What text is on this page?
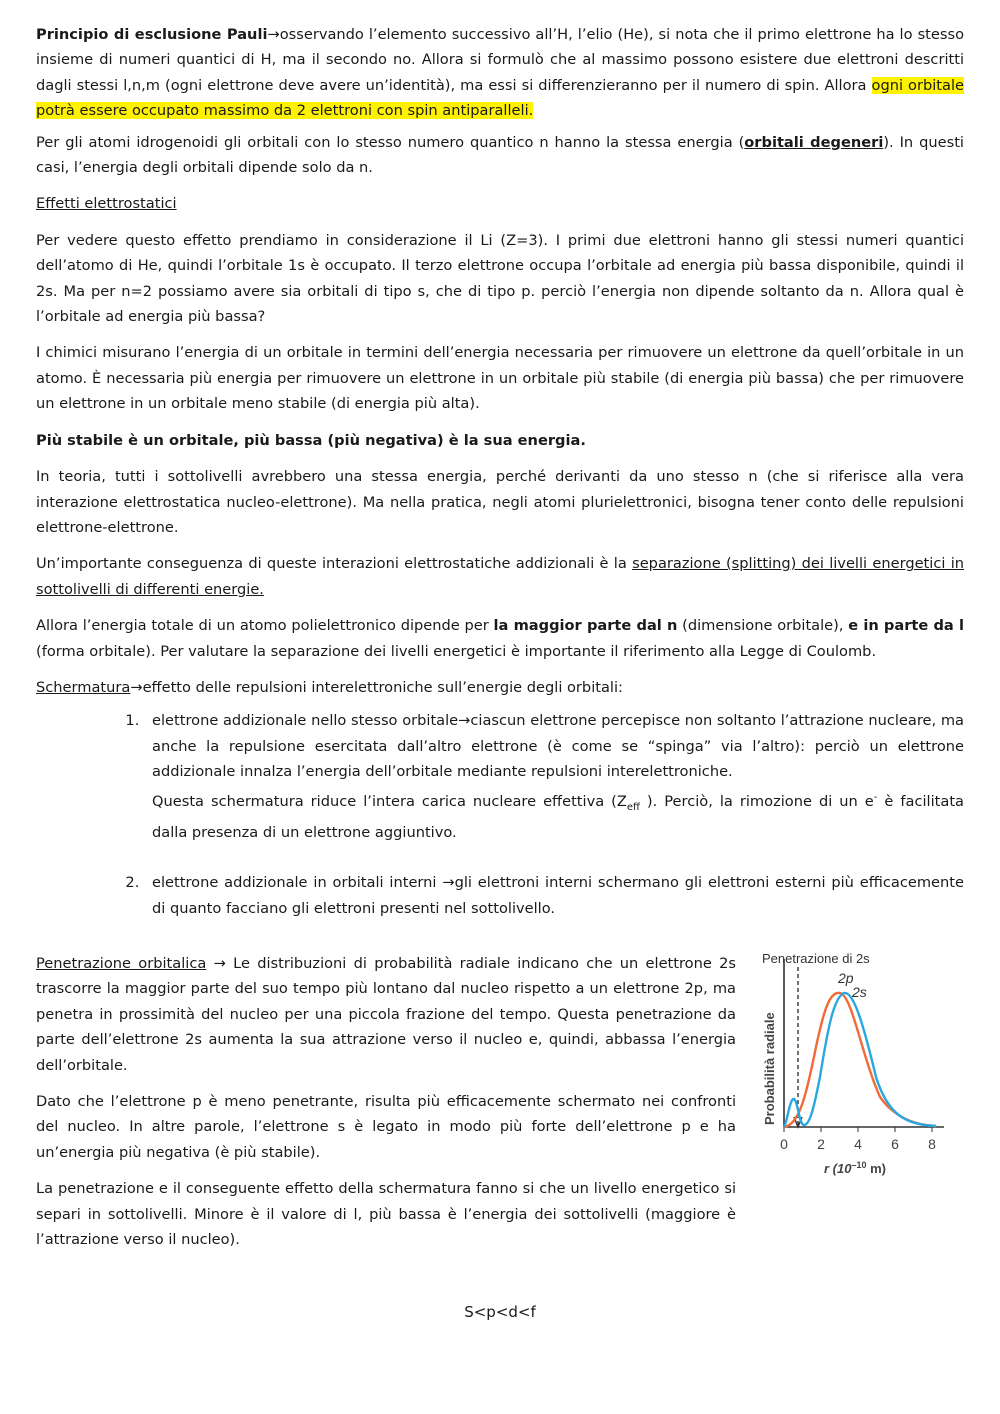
Principio di esclusione Pauli→osservando l’elemento successivo all’H, l’elio (He), si nota che il primo elettrone ha lo stesso insieme di numeri quantici di H, ma il secondo no. Allora si formulò che al massimo possono esistere due elettroni descritti dagli stessi l,n,m (ogni elettrone deve avere un’identità), ma essi si differenzieranno per il numero di spin. Allora ogni orbitale potrà essere occupato massimo da 2 elettroni con spin antiparalleli.

Per gli atomi idrogenoidi gli orbitali con lo stesso numero quantico n hanno la stessa energia (orbitali degeneri). In questi casi, l’energia degli orbitali dipende solo da n.

Effetti elettrostatici

Per vedere questo effetto prendiamo in considerazione il Li (Z=3). I primi due elettroni hanno gli stessi numeri quantici dell’atomo di He, quindi l’orbitale 1s è occupato. Il terzo elettrone occupa l’orbitale ad energia più bassa disponibile, quindi il 2s. Ma per n=2 possiamo avere sia orbitali di tipo s, che di tipo p. perciò l’energia non dipende soltanto da n. Allora qual è l’orbitale ad energia più bassa?

I chimici misurano l’energia di un orbitale in termini dell’energia necessaria per rimuovere un elettrone da quell’orbitale in un atomo. È necessaria più energia per rimuovere un elettrone in un orbitale più stabile (di energia più bassa) che per rimuovere un elettrone in un orbitale meno stabile (di energia più alta).

Più stabile è un orbitale, più bassa (più negativa) è la sua energia.

In teoria, tutti i sottolivelli avrebbero una stessa energia, perché derivanti da uno stesso n (che si riferisce alla vera interazione elettrostatica nucleo-elettrone). Ma nella pratica, negli atomi plurielettronici, bisogna tener conto delle repulsioni elettrone-elettrone.

Un’importante conseguenza di queste interazioni elettrostatiche addizionali è la separazione (splitting) dei livelli energetici in sottolivelli di differenti energie.

Allora l’energia totale di un atomo polielettronico dipende per la maggior parte dal n (dimensione orbitale), e in parte da l (forma orbitale). Per valutare la separazione dei livelli energetici è importante il riferimento alla Legge di Coulomb.

Schermatura→effetto delle repulsioni interelettroniche sull’energie degli orbitali:

1. elettrone addizionale nello stesso orbitale→ciascun elettrone percepisce non soltanto l’attrazione nucleare, ma anche la repulsione esercitata dall’altro elettrone (è come se “spinga” via l’altro): perciò un elettrone addizionale innalza l’energia dell’orbitale mediante repulsioni interelettroniche.
Questa schermatura riduce l’intera carica nucleare effettiva ($Z_{eff}$ ). Perciò, la rimozione di un e- è facilitata dalla presenza di un elettrone aggiuntivo.
2. elettrone addizionale in orbitali interni →gli elettroni interni schermano gli elettroni esterni più efficacemente di quanto facciano gli elettroni presenti nel sottolivello.

Penetrazione orbitalica → Le distribuzioni di probabilità radiale indicano che un elettrone 2s trascorre la maggior parte del suo tempo più lontano dal nucleo rispetto a un elettrone 2p, ma penetra in prossimità del nucleo per una piccola frazione del tempo. Questa penetrazione da parte dell’elettrone 2s aumenta la sua attrazione verso il nucleo e, quindi, abbassa l’energia dell’orbitale.

Dato che l’elettrone p è meno penetrante, risulta più efficacemente schermato nei confronti del nucleo. In altre parole, l’elettrone s è legato in modo più forte dell’elettrone p e ha un’energia più negativa (è più stabile).

La penetrazione e il conseguente effetto della schermatura fanno si che un livello energetico si separi in sottolivelli. Minore è il valore di l, più bassa è l’energia dei sottolivelli (maggiore è l’attrazione verso il nucleo).

Penetrazione di 2s
2p
2s
Probabilità radiale
0 2 4 6 8
r ($10^{-10}$ m)
S<p<d<f
